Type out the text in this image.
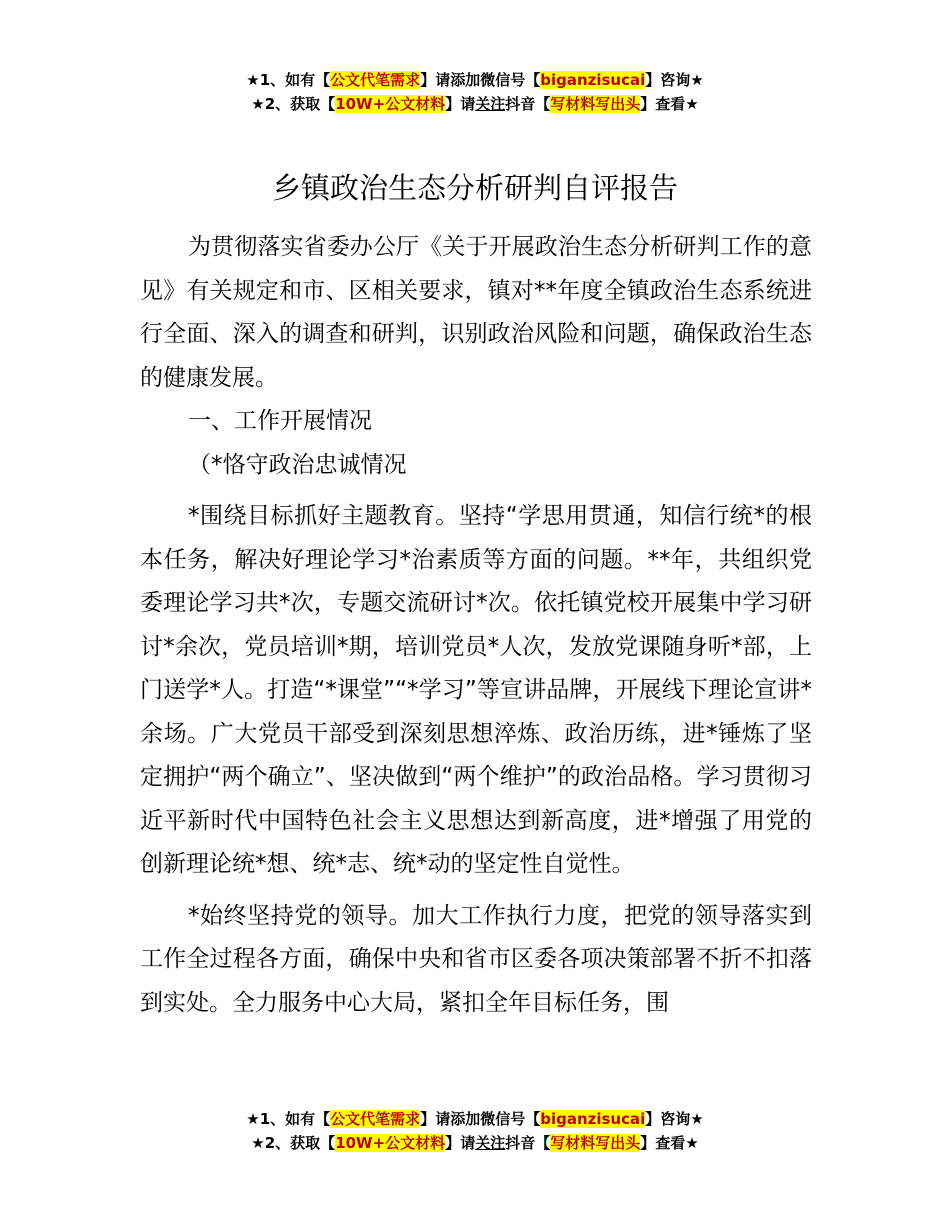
★1、如有【公文代笔需求】请添加微信号【biganzisucai】咨询★
★2、获取【10W+公文材料】请关注抖音【写材料写出头】查看★
乡镇政治生态分析研判自评报告

为贯彻落实省委办公厅《关于开展政治生态分析研判工作的意见》有关规定和市、区相关要求，镇对**年度全镇政治生态系统进行全面、深入的调查和研判，识别政治风险和问题，确保政治生态的健康发展。

一、工作开展情况

（*恪守政治忠诚情况

*围绕目标抓好主题教育。坚持“学思用贯通，知信行统*的根本任务，解决好理论学习*治素质等方面的问题。**年，共组织党委理论学习共*次，专题交流研讨*次。依托镇党校开展集中学习研讨*余次，党员培训*期，培训党员*人次，发放党课随身听*部，上门送学*人。打造“*课堂”“*学习”等宣讲品牌，开展线下理论宣讲*余场。广大党员干部受到深刻思想淬炼、政治历练，进*锤炼了坚定拥护“两个确立”、坚决做到“两个维护”的政治品格。学习贯彻习近平新时代中国特色社会主义思想达到新高度，进*增强了用党的创新理论统*想、统*志、统*动的坚定性自觉性。

*始终坚持党的领导。加大工作执行力度，把党的领导落实到工作全过程各方面，确保中央和省市区委各项决策部署不折不扣落到实处。全力服务中心大局，紧扣全年目标任务，围

★1、如有【公文代笔需求】请添加微信号【biganzisucai】咨询★
★2、获取【10W+公文材料】请关注抖音【写材料写出头】查看★
